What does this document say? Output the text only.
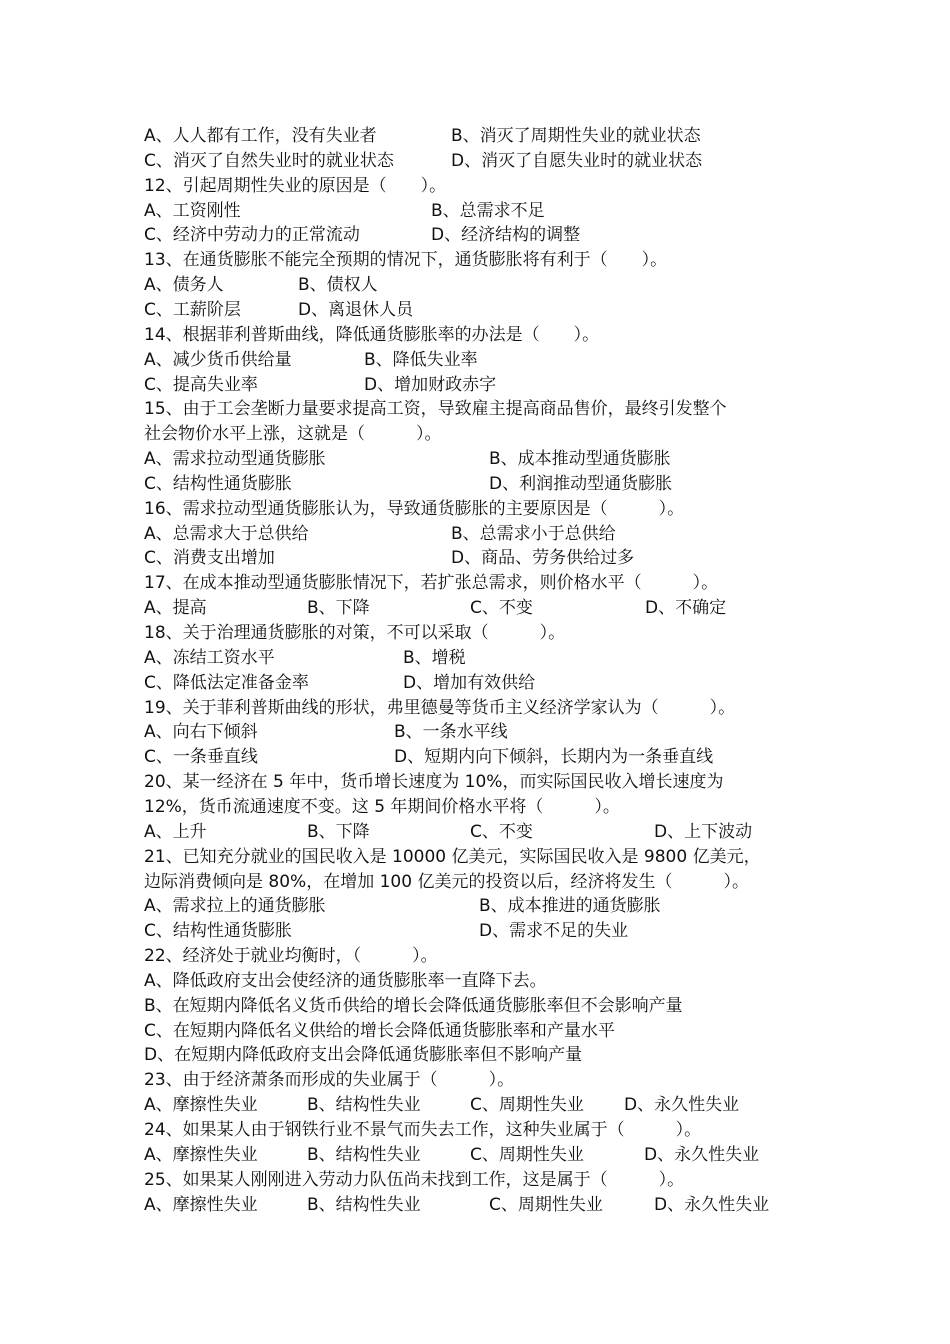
A、人人都有工作，没有失业者	B、消灭了周期性失业的就业状态
C、消灭了自然失业时的就业状态	D、消灭了自愿失业时的就业状态
12、引起周期性失业的原因是（　　）。
A、工资刚性	B、总需求不足
C、经济中劳动力的正常流动	D、经济结构的调整
13、在通货膨胀不能完全预期的情况下，通货膨胀将有利于（　　）。
A、债务人	B、债权人
C、工薪阶层	D、离退休人员
14、根据菲利普斯曲线，降低通货膨胀率的办法是（　　）。
A、减少货币供给量	B、降低失业率
C、提高失业率	D、增加财政赤字
15、由于工会垄断力量要求提高工资，导致雇主提高商品售价，最终引发整个
社会物价水平上涨，这就是（　　　）。
A、需求拉动型通货膨胀	B、成本推动型通货膨胀
C、结构性通货膨胀	D、利润推动型通货膨胀
16、需求拉动型通货膨胀认为，导致通货膨胀的主要原因是（　　　）。
A、总需求大于总供给	B、总需求小于总供给
C、消费支出增加	D、商品、劳务供给过多
17、在成本推动型通货膨胀情况下，若扩张总需求，则价格水平（　　　）。
A、提高	B、下降	C、不变	D、不确定
18、关于治理通货膨胀的对策，不可以采取（　　　）。
A、冻结工资水平	B、增税
C、降低法定准备金率	D、增加有效供给
19、关于菲利普斯曲线的形状，弗里德曼等货币主义经济学家认为（　　　）。
A、向右下倾斜	B、一条水平线
C、一条垂直线	D、短期内向下倾斜，长期内为一条垂直线
20、某一经济在 5 年中，货币增长速度为 10%，而实际国民收入增长速度为
12%，货币流通速度不变。这 5 年期间价格水平将（　　　）。
A、上升	B、下降	C、不变	D、上下波动
21、已知充分就业的国民收入是 10000 亿美元，实际国民收入是 9800 亿美元，
边际消费倾向是 80%，在增加 100 亿美元的投资以后，经济将发生（　　　）。
A、需求拉上的通货膨胀	B、成本推进的通货膨胀
C、结构性通货膨胀	D、需求不足的失业
22、经济处于就业均衡时，（　　　）。
A、降低政府支出会使经济的通货膨胀率一直降下去。
B、在短期内降低名义货币供给的增长会降低通货膨胀率但不会影响产量
C、在短期内降低名义供给的增长会降低通货膨胀率和产量水平
D、在短期内降低政府支出会降低通货膨胀率但不影响产量
23、由于经济萧条而形成的失业属于（　　　）。
A、摩擦性失业	B、结构性失业	C、周期性失业 D、永久性失业
24、如果某人由于钢铁行业不景气而失去工作，这种失业属于（　　　）。
A、摩擦性失业	B、结构性失业	C、周期性失业	D、永久性失业
25、如果某人刚刚进入劳动力队伍尚未找到工作，这是属于（　　　）。
A、摩擦性失业	B、结构性失业	C、周期性失业	D、永久性失业
